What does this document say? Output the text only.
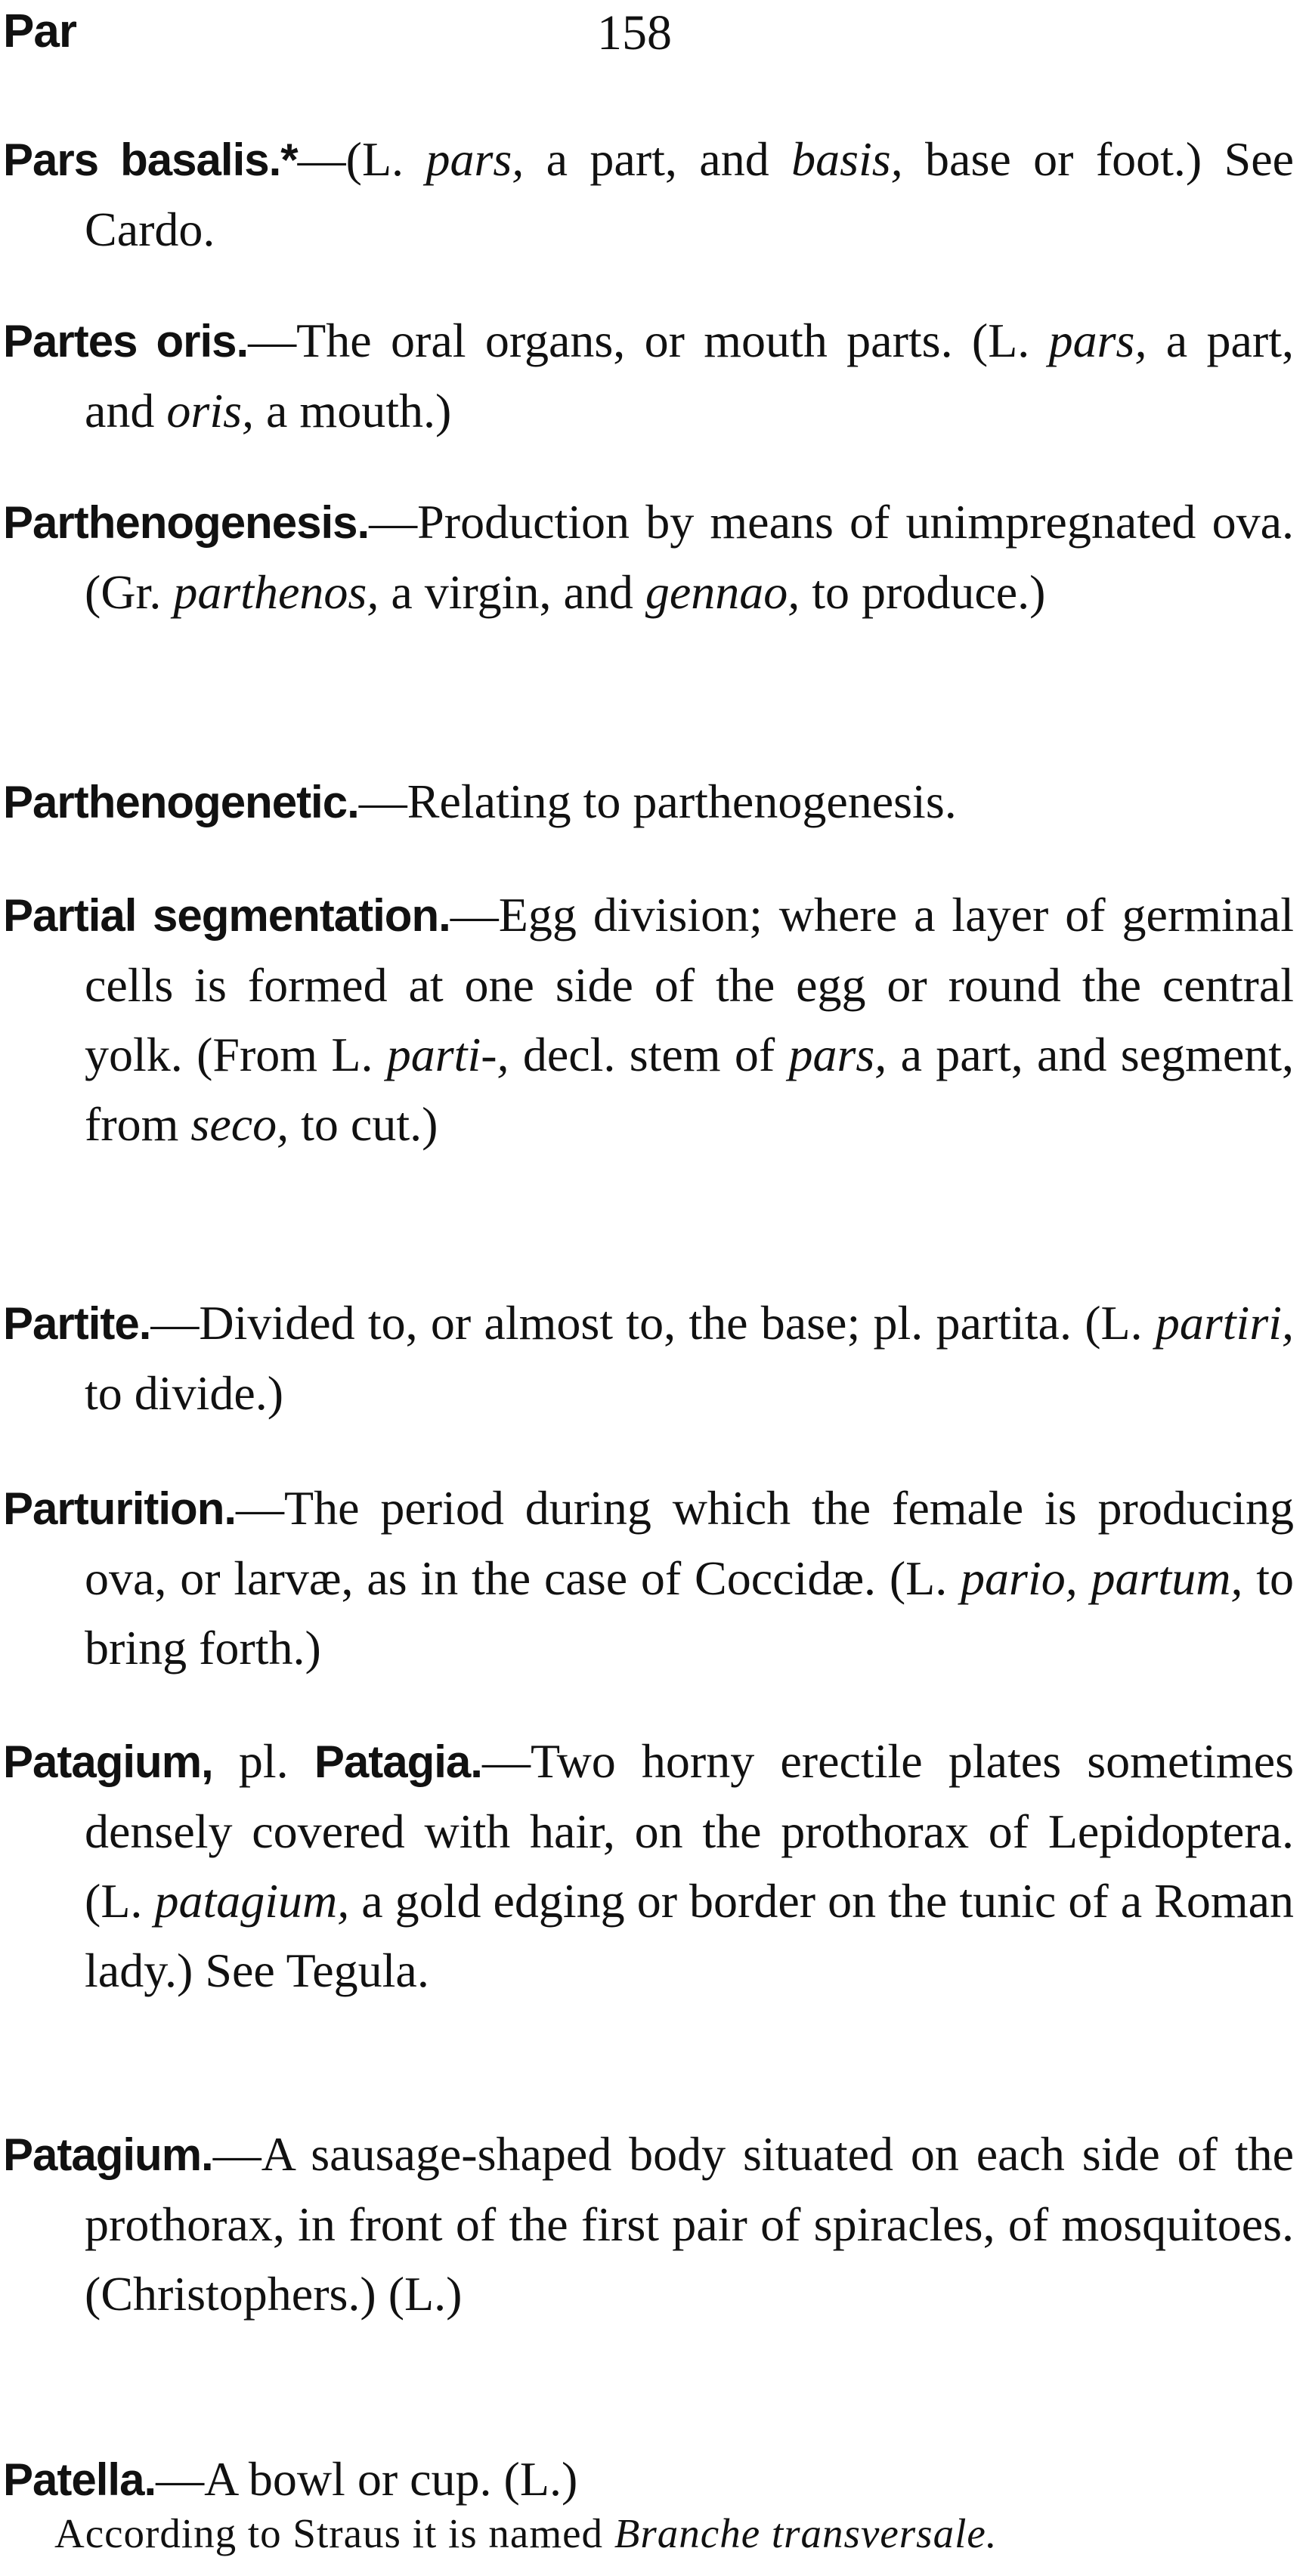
Par	158

Pars basalis.*—(L. pars, a part, and basis, base or foot.) See Cardo.

Partes oris.—The oral organs, or mouth parts. (L. pars, a part, and oris, a mouth.)

Parthenogenesis.—Production by means of unimpregnated ova. (Gr. parthenos, a virgin, and gennao, to produce.)

Parthenogenetic.—Relating to parthenogenesis.

Partial segmentation.—Egg division; where a layer of germinal cells is formed at one side of the egg or round the central yolk. (From L. parti-, decl. stem of pars, a part, and segment, from seco, to cut.)

Partite.—Divided to, or almost to, the base; pl. partita. (L. partiri, to divide.)

Parturition.—The period during which the female is producing ova, or larvæ, as in the case of Coccidæ. (L. pario, partum, to bring forth.)

Patagium, pl. Patagia.—Two horny erectile plates sometimes densely covered with hair, on the prothorax of Lepidoptera. (L. patagium, a gold edging or border on the tunic of a Roman lady.) See Tegula.

Patagium.—A sausage-shaped body situated on each side of the prothorax, in front of the first pair of spiracles, of mosquitoes. (Christophers.) (L.)

Patella.—A bowl or cup. (L.)

According to Straus it is named Branche transversale.
